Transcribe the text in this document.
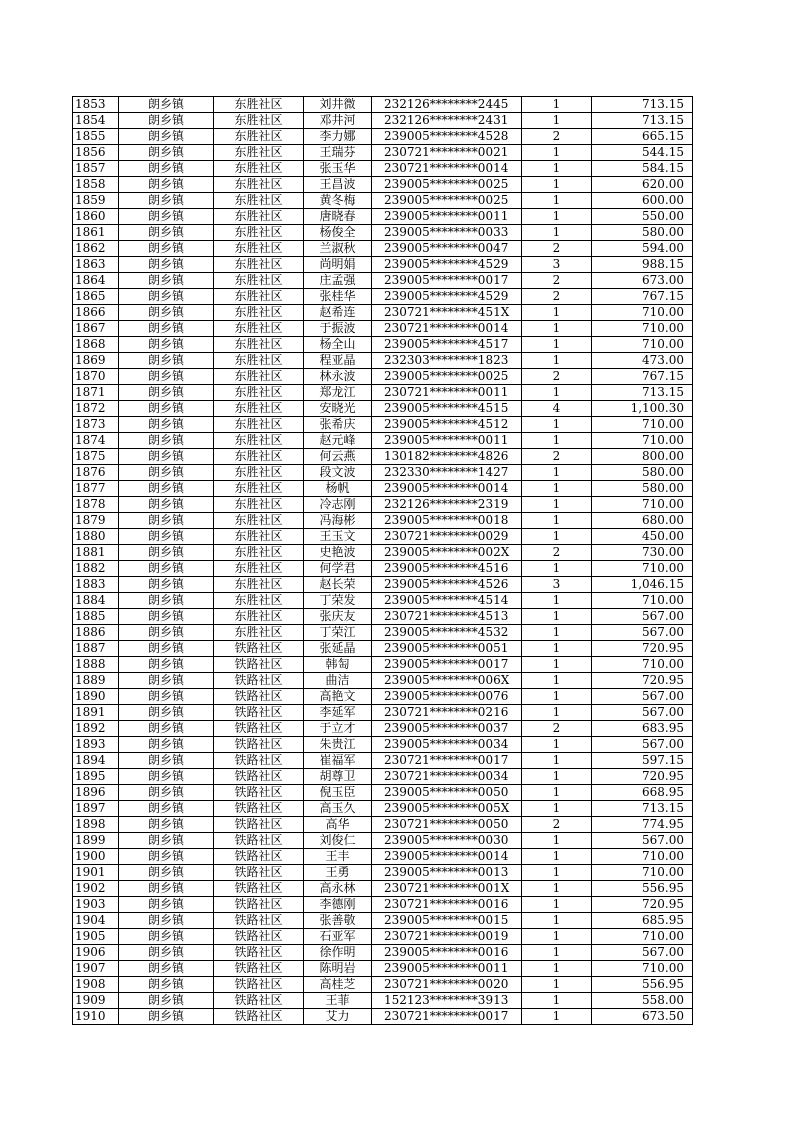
1853	朗乡镇	东胜社区	刘井微	232126********2445	1	713.15
1854	朗乡镇	东胜社区	邓井河	232126********2431	1	713.15
1855	朗乡镇	东胜社区	李力娜	239005********4528	2	665.15
1856	朗乡镇	东胜社区	王瑞芬	230721********0021	1	544.15
1857	朗乡镇	东胜社区	张玉华	230721********0014	1	584.15
1858	朗乡镇	东胜社区	王昌波	239005********0025	1	620.00
1859	朗乡镇	东胜社区	黄冬梅	239005********0025	1	600.00
1860	朗乡镇	东胜社区	唐晓春	239005********0011	1	550.00
1861	朗乡镇	东胜社区	杨俊全	239005********0033	1	580.00
1862	朗乡镇	东胜社区	兰淑秋	239005********0047	2	594.00
1863	朗乡镇	东胜社区	尚明娟	239005********4529	3	988.15
1864	朗乡镇	东胜社区	庄孟强	239005********0017	2	673.00
1865	朗乡镇	东胜社区	张桂华	239005********4529	2	767.15
1866	朗乡镇	东胜社区	赵希连	230721********451X	1	710.00
1867	朗乡镇	东胜社区	于振波	230721********0014	1	710.00
1868	朗乡镇	东胜社区	杨全山	239005********4517	1	710.00
1869	朗乡镇	东胜社区	程亚晶	232303********1823	1	473.00
1870	朗乡镇	东胜社区	林永波	239005********0025	2	767.15
1871	朗乡镇	东胜社区	郑龙江	230721********0011	1	713.15
1872	朗乡镇	东胜社区	安晓光	239005********4515	4	1,100.30
1873	朗乡镇	东胜社区	张希庆	239005********4512	1	710.00
1874	朗乡镇	东胜社区	赵元峰	239005********0011	1	710.00
1875	朗乡镇	东胜社区	何云燕	130182********4826	2	800.00
1876	朗乡镇	东胜社区	段文波	232330********1427	1	580.00
1877	朗乡镇	东胜社区	杨帆	239005********0014	1	580.00
1878	朗乡镇	东胜社区	冷志刚	232126********2319	1	710.00
1879	朗乡镇	东胜社区	冯海彬	239005********0018	1	680.00
1880	朗乡镇	东胜社区	王玉文	230721********0029	1	450.00
1881	朗乡镇	东胜社区	史艳波	239005********002X	2	730.00
1882	朗乡镇	东胜社区	何学君	239005********4516	1	710.00
1883	朗乡镇	东胜社区	赵长荣	239005********4526	3	1,046.15
1884	朗乡镇	东胜社区	丁荣发	239005********4514	1	710.00
1885	朗乡镇	东胜社区	张庆友	230721********4513	1	567.00
1886	朗乡镇	东胜社区	丁荣江	239005********4532	1	567.00
1887	朗乡镇	铁路社区	张延晶	239005********0051	1	720.95
1888	朗乡镇	铁路社区	韩匋	239005********0017	1	710.00
1889	朗乡镇	铁路社区	曲洁	239005********006X	1	720.95
1890	朗乡镇	铁路社区	高艳文	239005********0076	1	567.00
1891	朗乡镇	铁路社区	李延军	230721********0216	1	567.00
1892	朗乡镇	铁路社区	于立才	239005********0037	2	683.95
1893	朗乡镇	铁路社区	朱贵江	239005********0034	1	567.00
1894	朗乡镇	铁路社区	崔福军	230721********0017	1	597.15
1895	朗乡镇	铁路社区	胡尊卫	230721********0034	1	720.95
1896	朗乡镇	铁路社区	倪玉臣	239005********0050	1	668.95
1897	朗乡镇	铁路社区	高玉久	239005********005X	1	713.15
1898	朗乡镇	铁路社区	高华	230721********0050	2	774.95
1899	朗乡镇	铁路社区	刘俊仁	239005********0030	1	567.00
1900	朗乡镇	铁路社区	王丰	239005********0014	1	710.00
1901	朗乡镇	铁路社区	王勇	239005********0013	1	710.00
1902	朗乡镇	铁路社区	高永林	230721********001X	1	556.95
1903	朗乡镇	铁路社区	李德刚	230721********0016	1	720.95
1904	朗乡镇	铁路社区	张善敬	239005********0015	1	685.95
1905	朗乡镇	铁路社区	石亚军	230721********0019	1	710.00
1906	朗乡镇	铁路社区	徐作明	239005********0016	1	567.00
1907	朗乡镇	铁路社区	陈明岩	239005********0011	1	710.00
1908	朗乡镇	铁路社区	高桂芝	230721********0020	1	556.95
1909	朗乡镇	铁路社区	王菲	152123********3913	1	558.00
1910	朗乡镇	铁路社区	艾力	230721********0017	1	673.50
